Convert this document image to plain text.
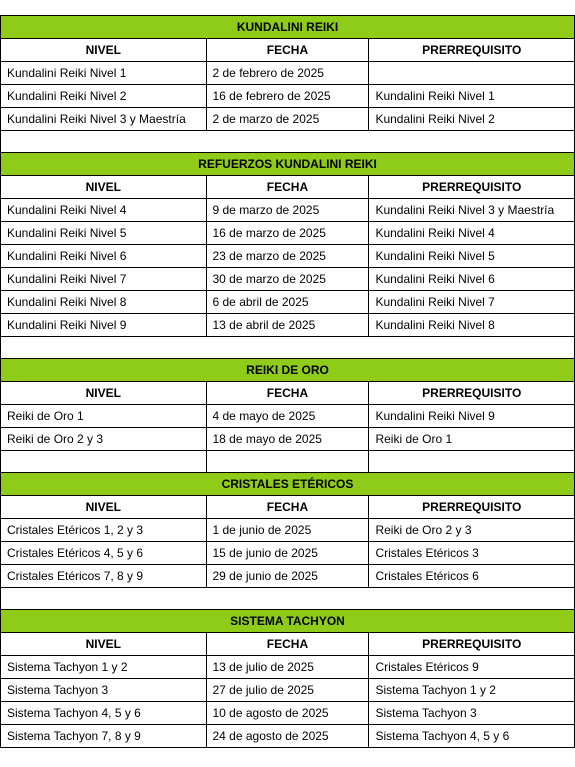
KUNDALINI REIKI		
NIVEL	FECHA	PRERREQUISITO
Kundalini Reiki Nivel 1	2 de febrero de 2025	
Kundalini Reiki Nivel 2	16 de febrero de 2025	Kundalini Reiki Nivel 1
Kundalini Reiki Nivel 3 y Maestría	2 de marzo de 2025	Kundalini Reiki Nivel 2

REFUERZOS KUNDALINI REIKI		
NIVEL	FECHA	PRERREQUISITO
Kundalini Reiki Nivel 4	9 de marzo de 2025	Kundalini Reiki Nivel 3 y Maestría
Kundalini Reiki Nivel 5	16 de marzo de 2025	Kundalini Reiki Nivel 4
Kundalini Reiki Nivel 6	23 de marzo de 2025	Kundalini Reiki Nivel 5
Kundalini Reiki Nivel 7	30 de marzo de 2025	Kundalini Reiki Nivel 6
Kundalini Reiki Nivel 8	6 de abril de 2025	Kundalini Reiki Nivel 7
Kundalini Reiki Nivel 9	13 de abril de 2025	Kundalini Reiki Nivel 8

REIKI DE ORO		
NIVEL	FECHA	PRERREQUISITO
Reiki de Oro 1	4 de mayo de 2025	Kundalini Reiki Nivel 9
Reiki de Oro 2 y 3	18 de mayo de 2025	Reiki de Oro 1

CRISTALES ETÉRICOS		
NIVEL	FECHA	PRERREQUISITO
Cristales Etéricos 1, 2 y 3	1 de junio de 2025	Reiki de Oro 2 y 3
Cristales Etéricos 4, 5 y 6	15 de junio de 2025	Cristales Etéricos 3
Cristales Etéricos 7, 8 y 9	29 de junio de 2025	Cristales Etéricos 6

SISTEMA TACHYON		
NIVEL	FECHA	PRERREQUISITO
Sistema Tachyon 1 y 2	13 de julio de 2025	Cristales Etéricos 9
Sistema Tachyon 3	27 de julio de 2025	Sistema Tachyon 1 y 2
Sistema Tachyon 4, 5 y 6	10 de agosto de 2025	Sistema Tachyon 3
Sistema Tachyon 7, 8 y 9	24 de agosto de 2025	Sistema Tachyon 4, 5 y 6
